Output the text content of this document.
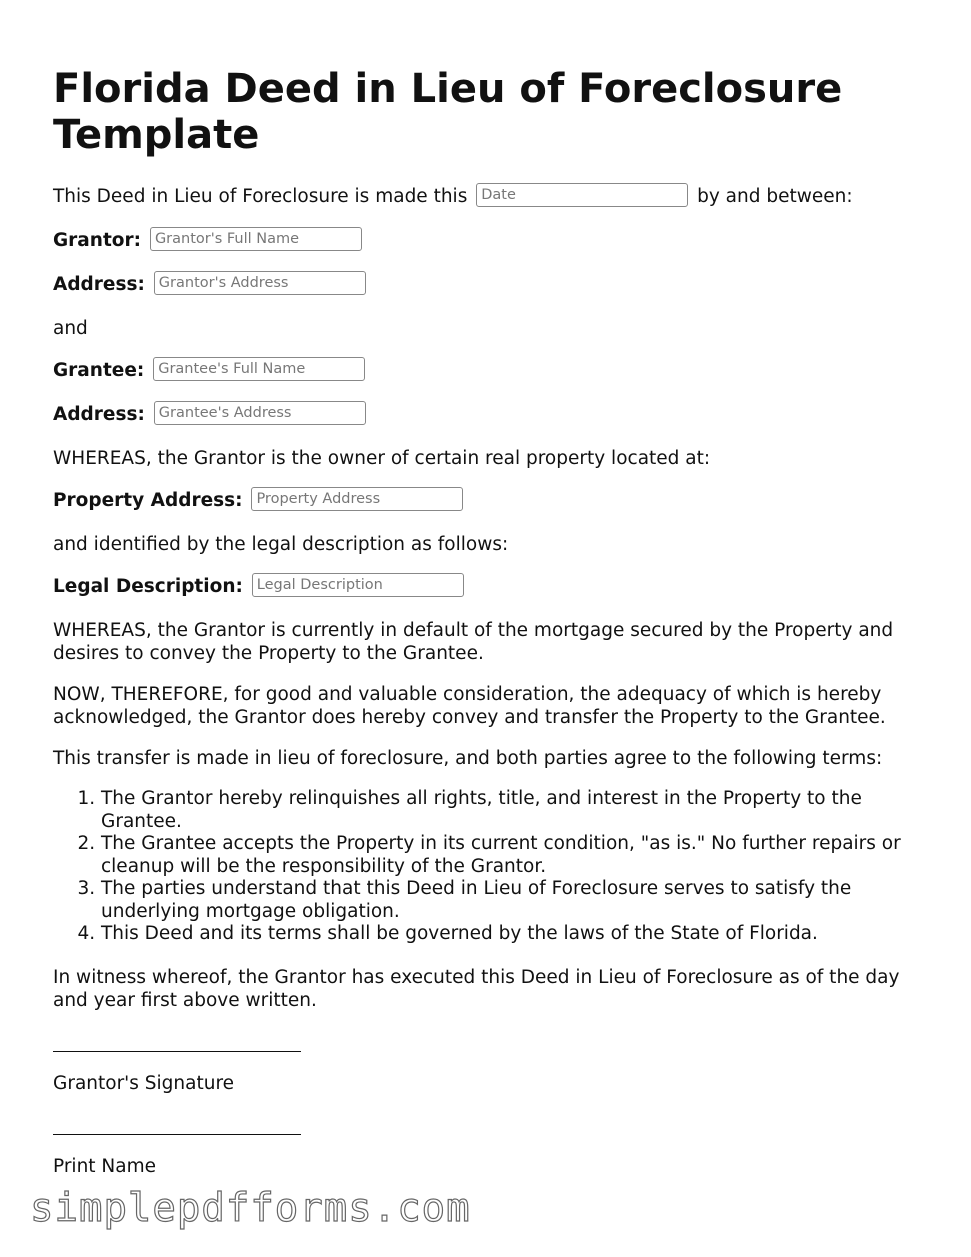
Florida Deed in Lieu of Foreclosure Template
This Deed in Lieu of Foreclosure is made this Date	by and between:
Grantor: Grantor's Full Name
Address: Grantor's Address
and
Grantee: Grantee's Full Name
Address: Grantee's Address
WHEREAS, the Grantor is the owner of certain real property located at:
Property Address: Property Address
and identified by the legal description as follows:
Legal Description: Legal Description
WHEREAS, the Grantor is currently in default of the mortgage secured by the Property and desires to convey the Property to the Grantee.
NOW, THEREFORE, for good and valuable consideration, the adequacy of which is hereby acknowledged, the Grantor does hereby convey and transfer the Property to the Grantee.
This transfer is made in lieu of foreclosure, and both parties agree to the following terms:
1. The Grantor hereby relinquishes all rights, title, and interest in the Property to the Grantee.
2. The Grantee accepts the Property in its current condition, "as is." No further repairs or cleanup will be the responsibility of the Grantor.
3. The parties understand that this Deed in Lieu of Foreclosure serves to satisfy the underlying mortgage obligation.
4. This Deed and its terms shall be governed by the laws of the State of Florida.
In witness whereof, the Grantor has executed this Deed in Lieu of Foreclosure as of the day and year first above written.
Grantor's Signature
Print Name
simplepdfforms.com
